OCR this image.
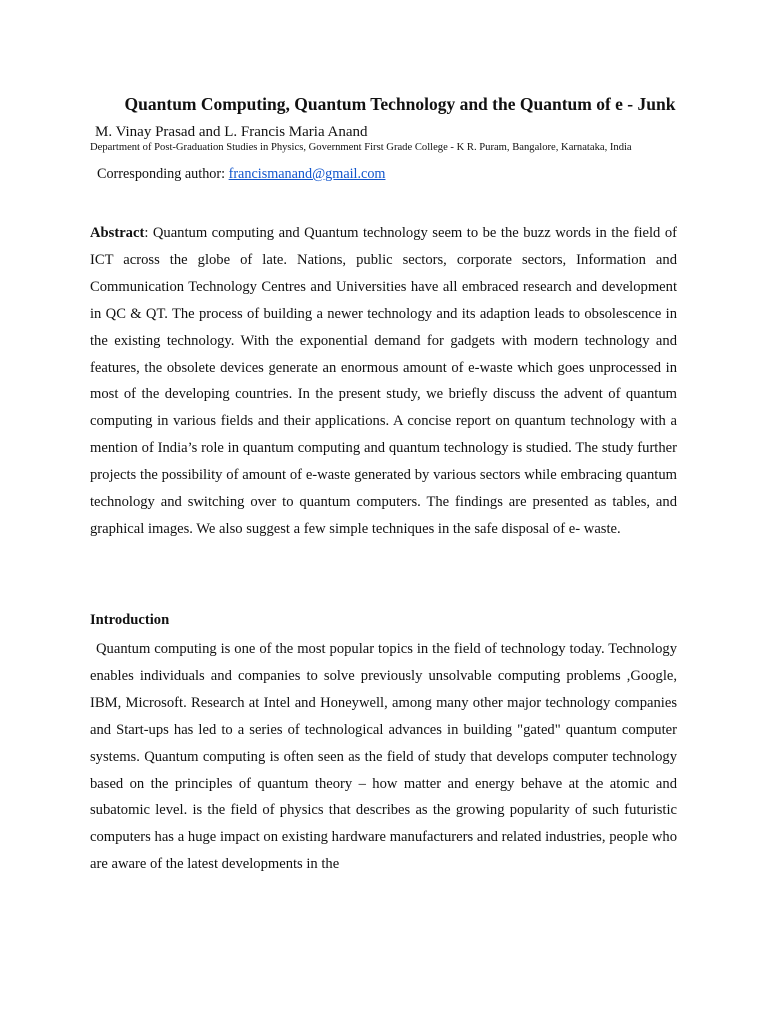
Quantum Computing, Quantum Technology and the Quantum of e - Junk

M. Vinay Prasad and L. Francis Maria Anand

Department of Post-Graduation Studies in Physics, Government First Grade College - K R. Puram, Bangalore, Karnataka, India

Corresponding author: francismanand@gmail.com

Abstract: Quantum computing and Quantum technology seem to be the buzz words in the field of ICT across the globe of late. Nations, public sectors, corporate sectors, Information and Communication Technology Centres and Universities have all embraced research and development in QC & QT. The process of building a newer technology and its adaption leads to obsolescence in the existing technology. With the exponential demand for gadgets with modern technology and features, the obsolete devices generate an enormous amount of e-waste which goes unprocessed in most of the developing countries. In the present study, we briefly discuss the advent of quantum computing in various fields and their applications. A concise report on quantum technology with a mention of India’s role in quantum computing and quantum technology is studied. The study further projects the possibility of amount of e-waste generated by various sectors while embracing quantum technology and switching over to quantum computers. The findings are presented as tables, and graphical images. We also suggest a few simple techniques in the safe disposal of e- waste.

Introduction

Quantum computing is one of the most popular topics in the field of technology today. Technology enables individuals and companies to solve previously unsolvable computing problems ,Google, IBM, Microsoft. Research at Intel and Honeywell, among many other major technology companies and Start-ups has led to a series of technological advances in building "gated" quantum computer systems. Quantum computing is often seen as the field of study that develops computer technology based on the principles of quantum theory – how matter and energy behave at the atomic and subatomic level. is the field of physics that describes as the growing popularity of such futuristic computers has a huge impact on existing hardware manufacturers and related industries, people who are aware of the latest developments in the
